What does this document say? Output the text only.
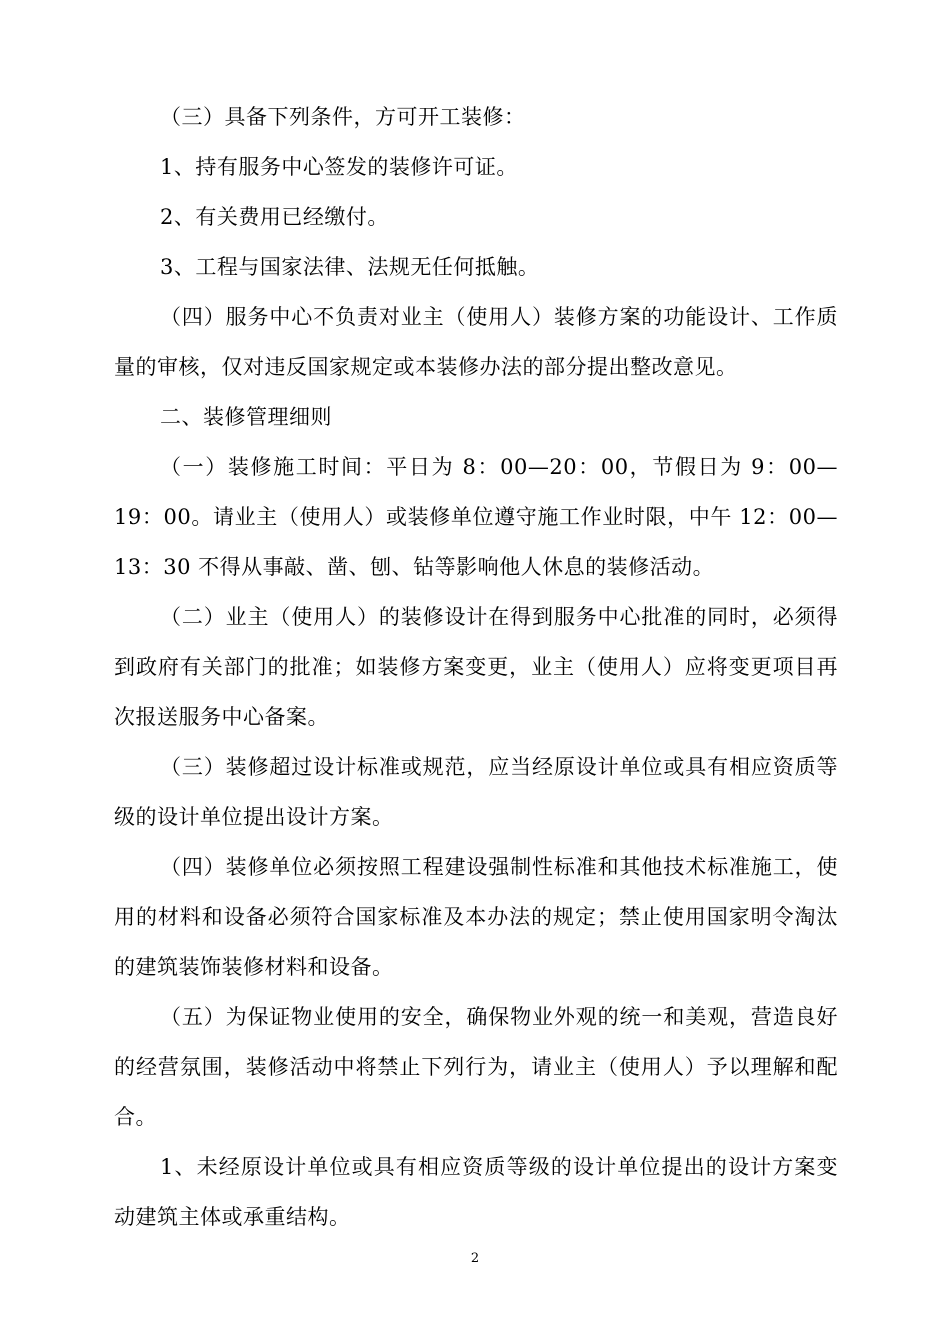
（三）具备下列条件，方可开工装修：

1、持有服务中心签发的装修许可证。

2、有关费用已经缴付。

3、工程与国家法律、法规无任何抵触。

（四）服务中心不负责对业主（使用人）装修方案的功能设计、工作质量的审核，仅对违反国家规定或本装修办法的部分提出整改意见。

二、装修管理细则

（一）装修施工时间：平日为 8：00—20：00，节假日为 9：00—19：00。请业主（使用人）或装修单位遵守施工作业时限，中午 12：00—13：30 不得从事敲、凿、刨、钻等影响他人休息的装修活动。

（二）业主（使用人）的装修设计在得到服务中心批准的同时，必须得到政府有关部门的批准；如装修方案变更，业主（使用人）应将变更项目再次报送服务中心备案。

（三）装修超过设计标准或规范，应当经原设计单位或具有相应资质等级的设计单位提出设计方案。

（四）装修单位必须按照工程建设强制性标准和其他技术标准施工，使用的材料和设备必须符合国家标准及本办法的规定；禁止使用国家明令淘汰的建筑装饰装修材料和设备。

（五）为保证物业使用的安全，确保物业外观的统一和美观，营造良好的经营氛围，装修活动中将禁止下列行为，请业主（使用人）予以理解和配合。

1、未经原设计单位或具有相应资质等级的设计单位提出的设计方案变动建筑主体或承重结构。

2
